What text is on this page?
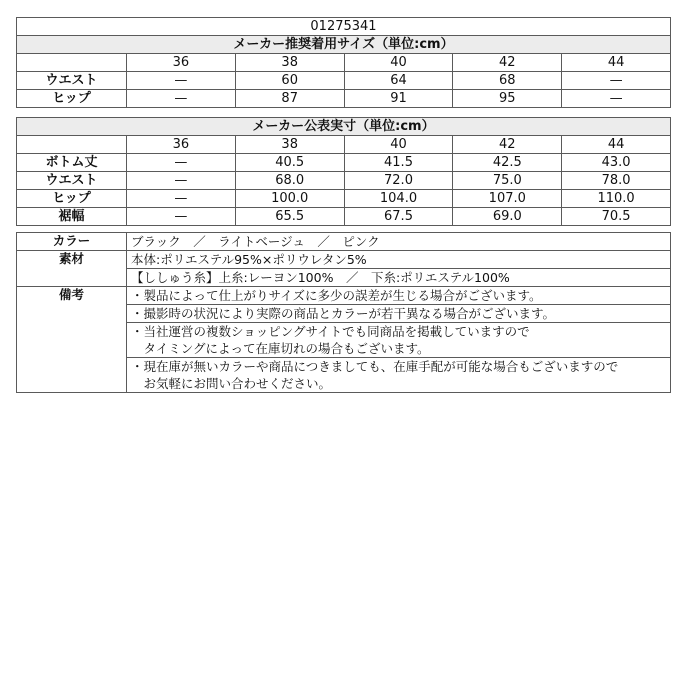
01275341					
メーカー推奨着用サイズ（単位:cm）					
	36	38	40	42	44
ウエスト	—	60	64	68	—
ヒップ	—	87	91	95	—
メーカー公表実寸（単位:cm）					
	36	38	40	42	44
ボトム丈	—	40.5	41.5	42.5	43.0
ウエスト	—	68.0	72.0	75.0	78.0
ヒップ	—	100.0	104.0	107.0	110.0
裾幅	—	65.5	67.5	69.0	70.5
カラー	ブラック　／　ライトベージュ　／　ピンク
素材	本体:ポリエステル95%×ポリウレタン5%
	【ししゅう糸】上糸:レーヨン100%　／　下糸:ポリエステル100%
備考	・製品によって仕上がりサイズに多少の誤差が生じる場合がございます。
	・撮影時の状況により実際の商品とカラーが若干異なる場合がございます。
	・当社運営の複数ショッピングサイトでも同商品を掲載していますので
	　タイミングによって在庫切れの場合もございます。
	・現在庫が無いカラーや商品につきましても、在庫手配が可能な場合もございますので
	　お気軽にお問い合わせください。
